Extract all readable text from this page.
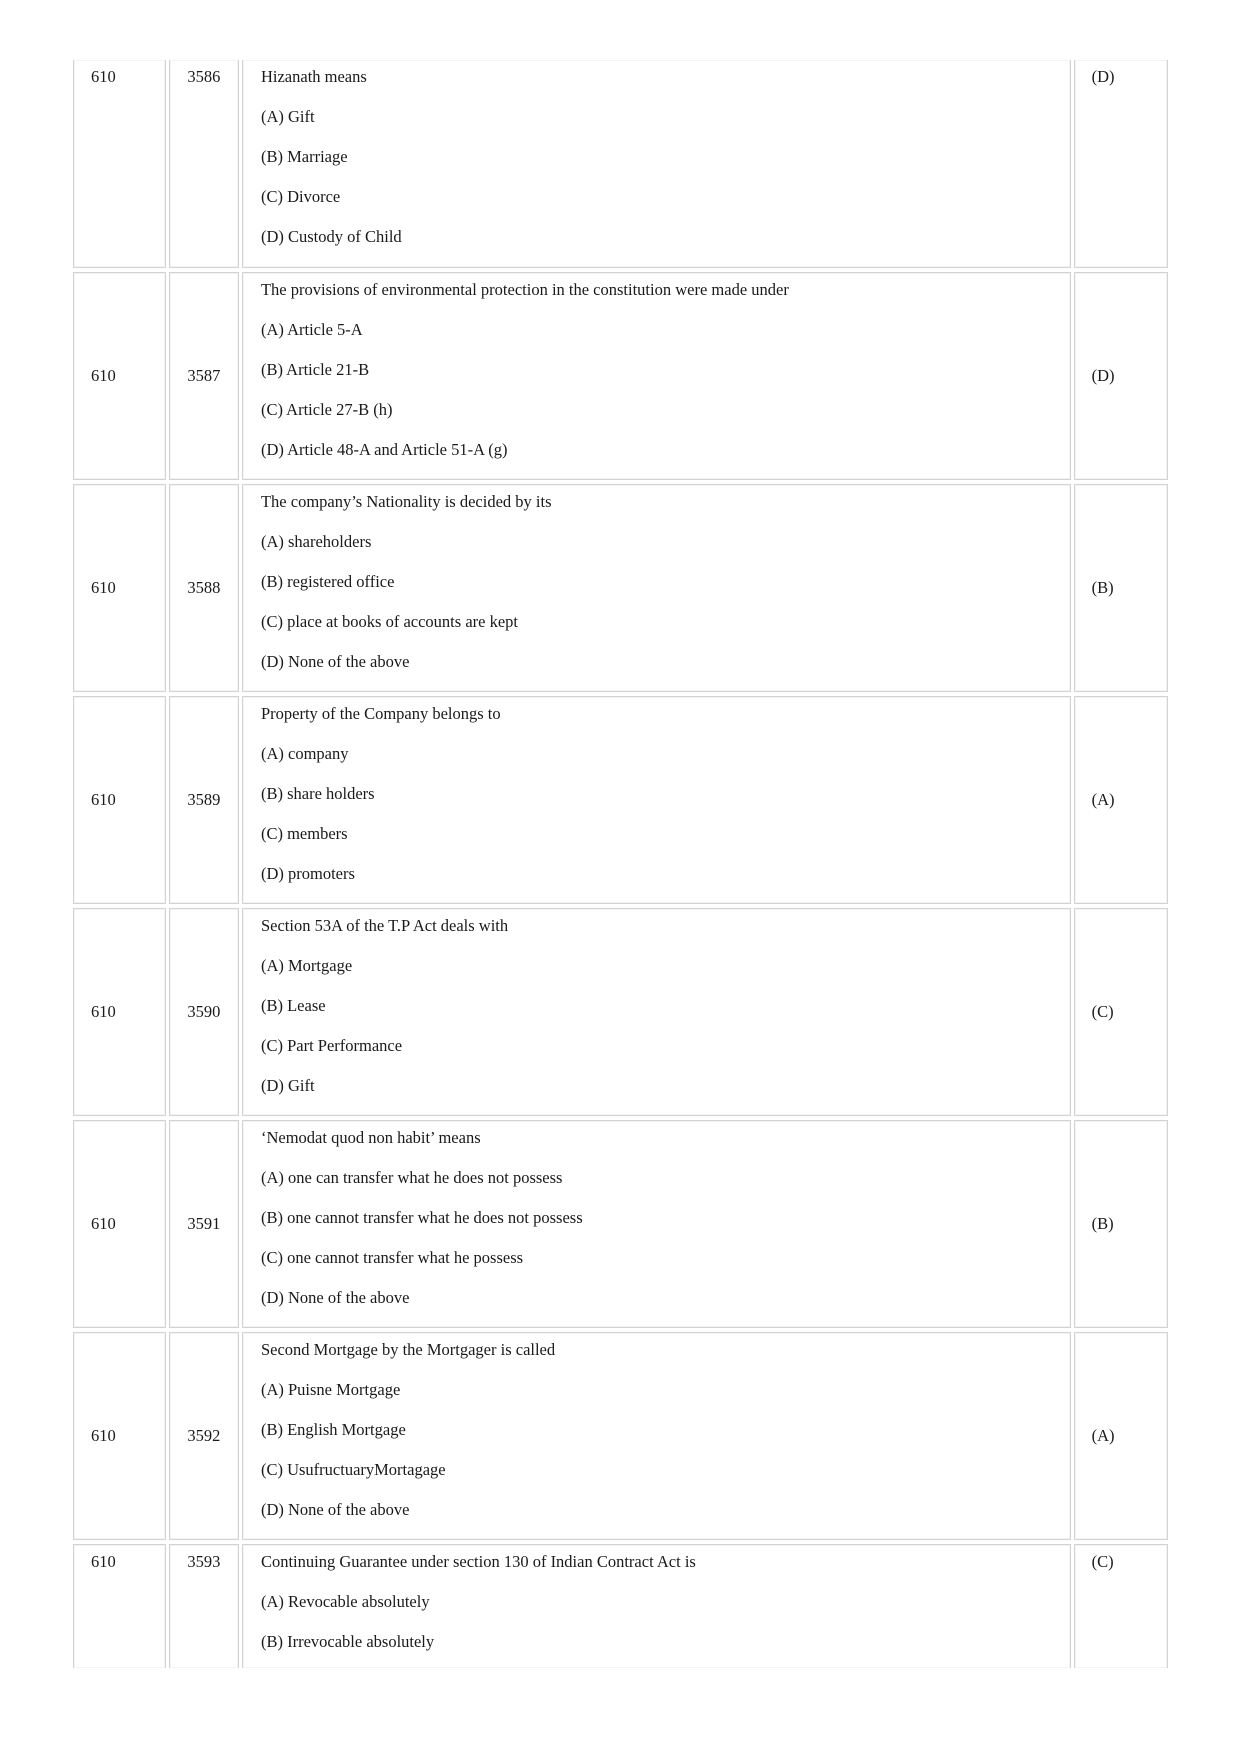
610	3586 Hizanath means
(A) Gift
(B) Marriage
(C) Divorce
(D) Custody of Child
(D)
610	3587
The provisions of environmental protection in the constitution were made under
(A) Article 5-A
(B) Article 21-B
(C) Article 27-B (h)
(D) Article 48-A and Article 51-A (g)
(D)
610	3588
The company’s Nationality is decided by its
(A) shareholders
(B) registered office
(C) place at books of accounts are kept
(D) None of the above
(B)
610	3589
Property of the Company belongs to
(A) company
(B) share holders
(C) members
(D) promoters
(A)
610	3590
Section 53A of the T.P Act deals with
(A) Mortgage
(B) Lease
(C) Part Performance
(D) Gift
(C)
610	3591
‘Nemodat quod non habit’ means
(A) one can transfer what he does not possess
(B) one cannot transfer what he does not possess
(C) one cannot transfer what he possess
(D) None of the above
(B)
610	3592
Second Mortgage by the Mortgager is called
(A) Puisne Mortgage
(B) English Mortgage
(C) UsufructuaryMortagage
(D) None of the above
(A)
610	3593 Continuing Guarantee under section 130 of Indian Contract Act is
(A) Revocable absolutely
(B) Irrevocable absolutely
(C)
